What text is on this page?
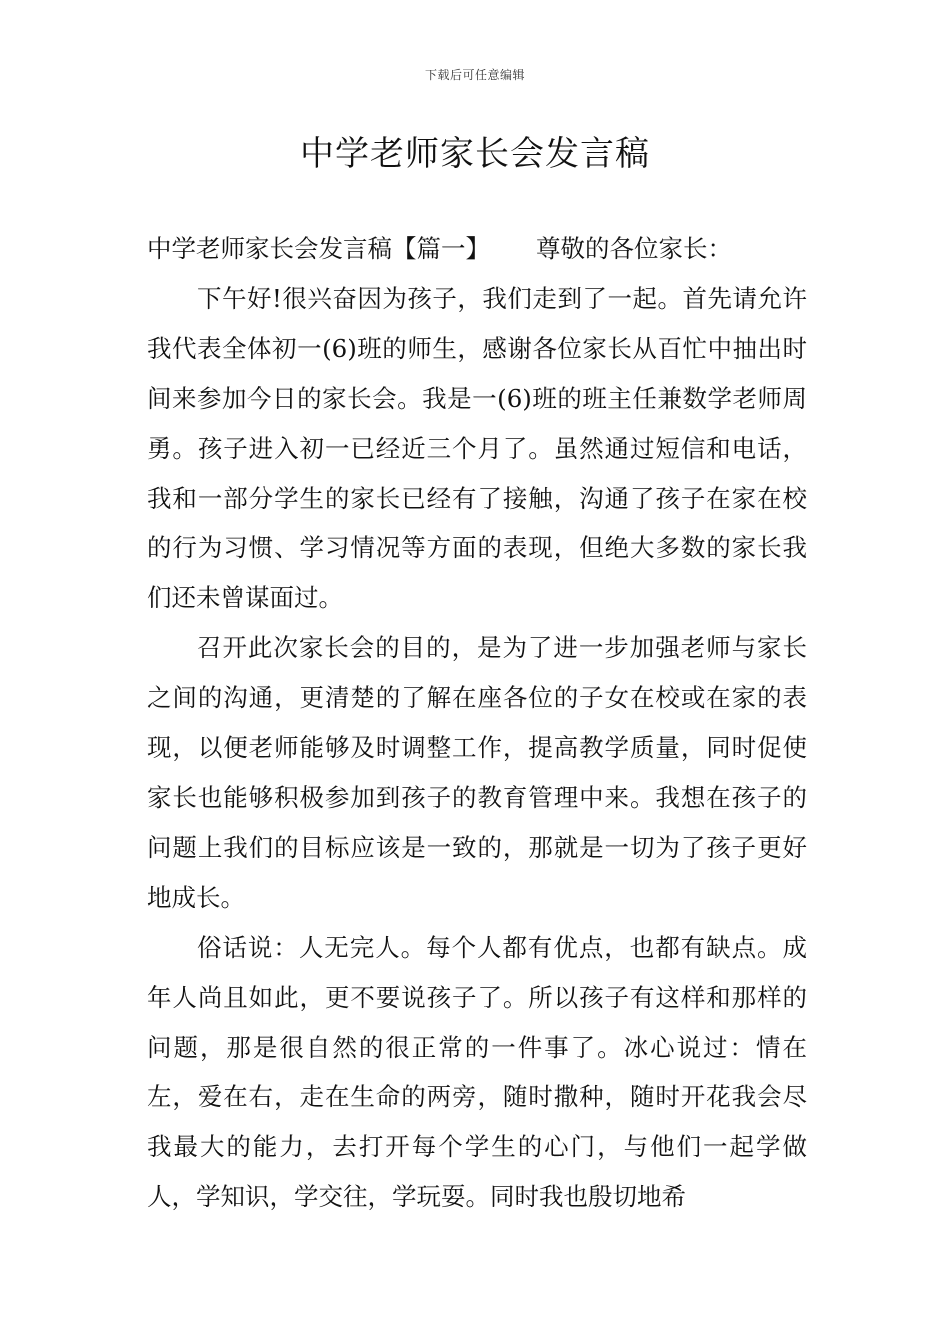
下载后可任意编辑
中学老师家长会发言稿

中学老师家长会发言稿【篇一】 尊敬的各位家长：

下午好!很兴奋因为孩子，我们走到了一起。首先请允许我代表全体初一(6)班的师生，感谢各位家长从百忙中抽出时间来参加今日的家长会。我是一(6)班的班主任兼数学老师周勇。孩子进入初一已经近三个月了。虽然通过短信和电话，我和一部分学生的家长已经有了接触，沟通了孩子在家在校的行为习惯、学习情况等方面的表现，但绝大多数的家长我们还未曾谋面过。

召开此次家长会的目的，是为了进一步加强老师与家长之间的沟通，更清楚的了解在座各位的子女在校或在家的表现，以便老师能够及时调整工作，提高教学质量，同时促使家长也能够积极参加到孩子的教育管理中来。我想在孩子的问题上我们的目标应该是一致的，那就是一切为了孩子更好地成长。

俗话说：人无完人。每个人都有优点，也都有缺点。成年人尚且如此，更不要说孩子了。所以孩子有这样和那样的问题，那是很自然的很正常的一件事了。冰心说过：情在左，爱在右，走在生命的两旁，随时撒种，随时开花我会尽我最大的能力，去打开每个学生的心门，与他们一起学做人，学知识，学交往，学玩耍。同时我也殷切地希
